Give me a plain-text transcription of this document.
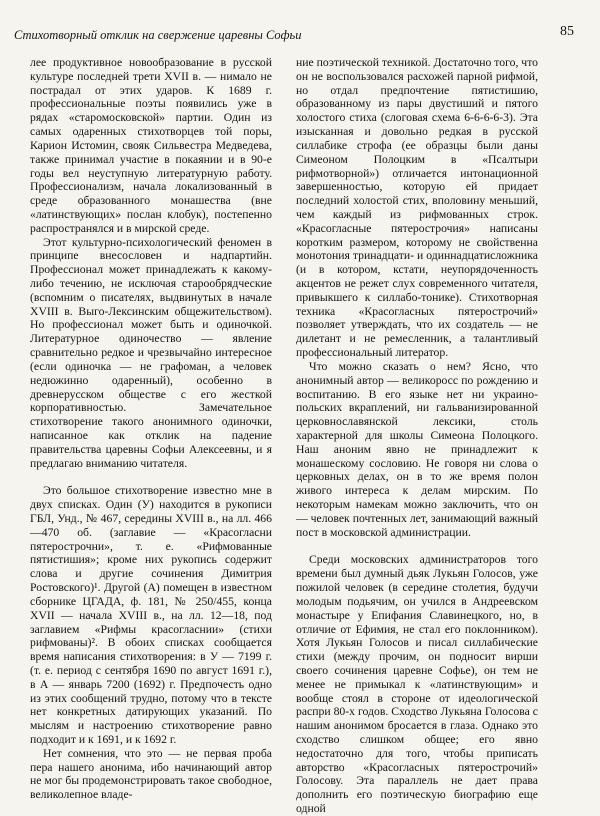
Стихотворный отклик на свержение царевны Софьи	85

лее продуктивное новообразование в русской культуре последней трети XVII в. — нимало не пострадал от этих ударов. К 1689 г. профессиональные поэты появились уже в рядах «старомосковской» партии. Один из самых одаренных стихотворцев той поры, Карион Истомин, свояк Сильвестра Медведева, также принимал участие в покаянии и в 90-е годы вел неуступную литературную работу. Профессионализм, начала локализованный в среде образованного монашества (вне «латинствующих» послан клобук), постепенно распространялся и в мирской среде.

Этот культурно-психологический феномен в принципе внесословен и надпартийн. Профессионал может принадлежать к какому-либо течению, не исключая старообрядческие (вспомним о писателях, выдвинутых в начале XVIII в. Выго-Лексинским общежительством). Но профессионал может быть и одиночкой. Литературное одиночество — явление сравнительно редкое и чрезвычайно интересное (если одиночка — не графоман, а человек недюжинно одаренный), особенно в древнерусском обществе с его жесткой корпоративностью. Замечательное стихотворение такого анонимного одиночки, написанное как отклик на падение правительства царевны Софьи Алексеевны, и я предлагаю вниманию читателя.

Это большое стихотворение известно мне в двух списках. Один (У) находится в рукописи ГБЛ, Унд., № 467, середины XVIII в., на лл. 466—470 об. (заглавие — «Красогласни пятерострочни», т. е. «Рифмованные пятистишия»; кроме них рукопись содержит слова и другие сочинения Димитрия Ростовского)¹. Другой (А) помещен в известном сборнике ЦГАДА, ф. 181, № 250/455, конца XVII — начала XVIII в., на лл. 12—18, под заглавием «Рифмы красогласнии» (стихи рифмованы)². В обоих списках сообщается время написания стихотворения: в У — 7199 г. (т. е. период с сентября 1690 по август 1691 г.), в А — январь 7200 (1692) г. Предпочесть одно из этих сообщений трудно, потому что в тексте нет конкретных датирующих указаний. По мыслям и настроению стихотворение равно подходит и к 1691, и к 1692 г.

Нет сомнения, что это — не первая проба пера нашего анонима, ибо начинающий автор не мог бы продемонстрировать такое свободное, великолепное владе-

ние поэтической техникой. Достаточно того, что он не воспользовался расхожей парной рифмой, но отдал предпочтение пятистишию, образованному из пары двустиший и пятого холостого стиха (слоговая схема 6-6-6-6-3). Эта изысканная и довольно редкая в русской силлабике строфа (ее образцы были даны Симеоном Полоцким в «Псалтыри рифмотворной») отличается интонационной завершенностью, которую ей придает последний холостой стих, вполовину меньший, чем каждый из рифмованных строк. «Красогласные пятерострочия» написаны коротким размером, которому не свойственна монотония тринадцати- и одиннадцатисложника (и в котором, кстати, неупорядоченность акцентов не режет слух современного читателя, привыкшего к силлабо-тонике). Стихотворная техника «Красогласных пятерострочий» позволяет утверждать, что их создатель — не дилетант и не ремесленник, а талантливый профессиональный литератор.

Что можно сказать о нем? Ясно, что анонимный автор — великоросс по рождению и воспитанию. В его языке нет ни украино-польских вкраплений, ни гальванизированной церковнославянской лексики, столь характерной для школы Симеона Полоцкого. Наш аноним явно не принадлежит к монашескому сословию. Не говоря ни слова о церковных делах, он в то же время полон живого интереса к делам мирским. По некоторым намекам можно заключить, что он — человек почтенных лет, занимающий важный пост в московской администрации.

Среди московских администраторов того времени был думный дьяк Лукьян Голосов, уже пожилой человек (в середине столетия, будучи молодым подьячим, он учился в Андреевском монастыре у Епифания Славинецкого, но, в отличие от Ефимия, не стал его поклонником). Хотя Лукьян Голосов и писал силлабические стихи (между прочим, он подносит вирши своего сочинения царевне Софье), он тем не менее не примыкал к «латинствующим» и вообще стоял в стороне от идеологической распри 80-х годов. Сходство Лукьяна Голосова с нашим анонимом бросается в глаза. Однако это сходство слишком общее; его явно недостаточно для того, чтобы приписать авторство «Красогласных пятерострочий» Голосову. Эта параллель не дает права дополнить его поэтическую биографию еще одной
